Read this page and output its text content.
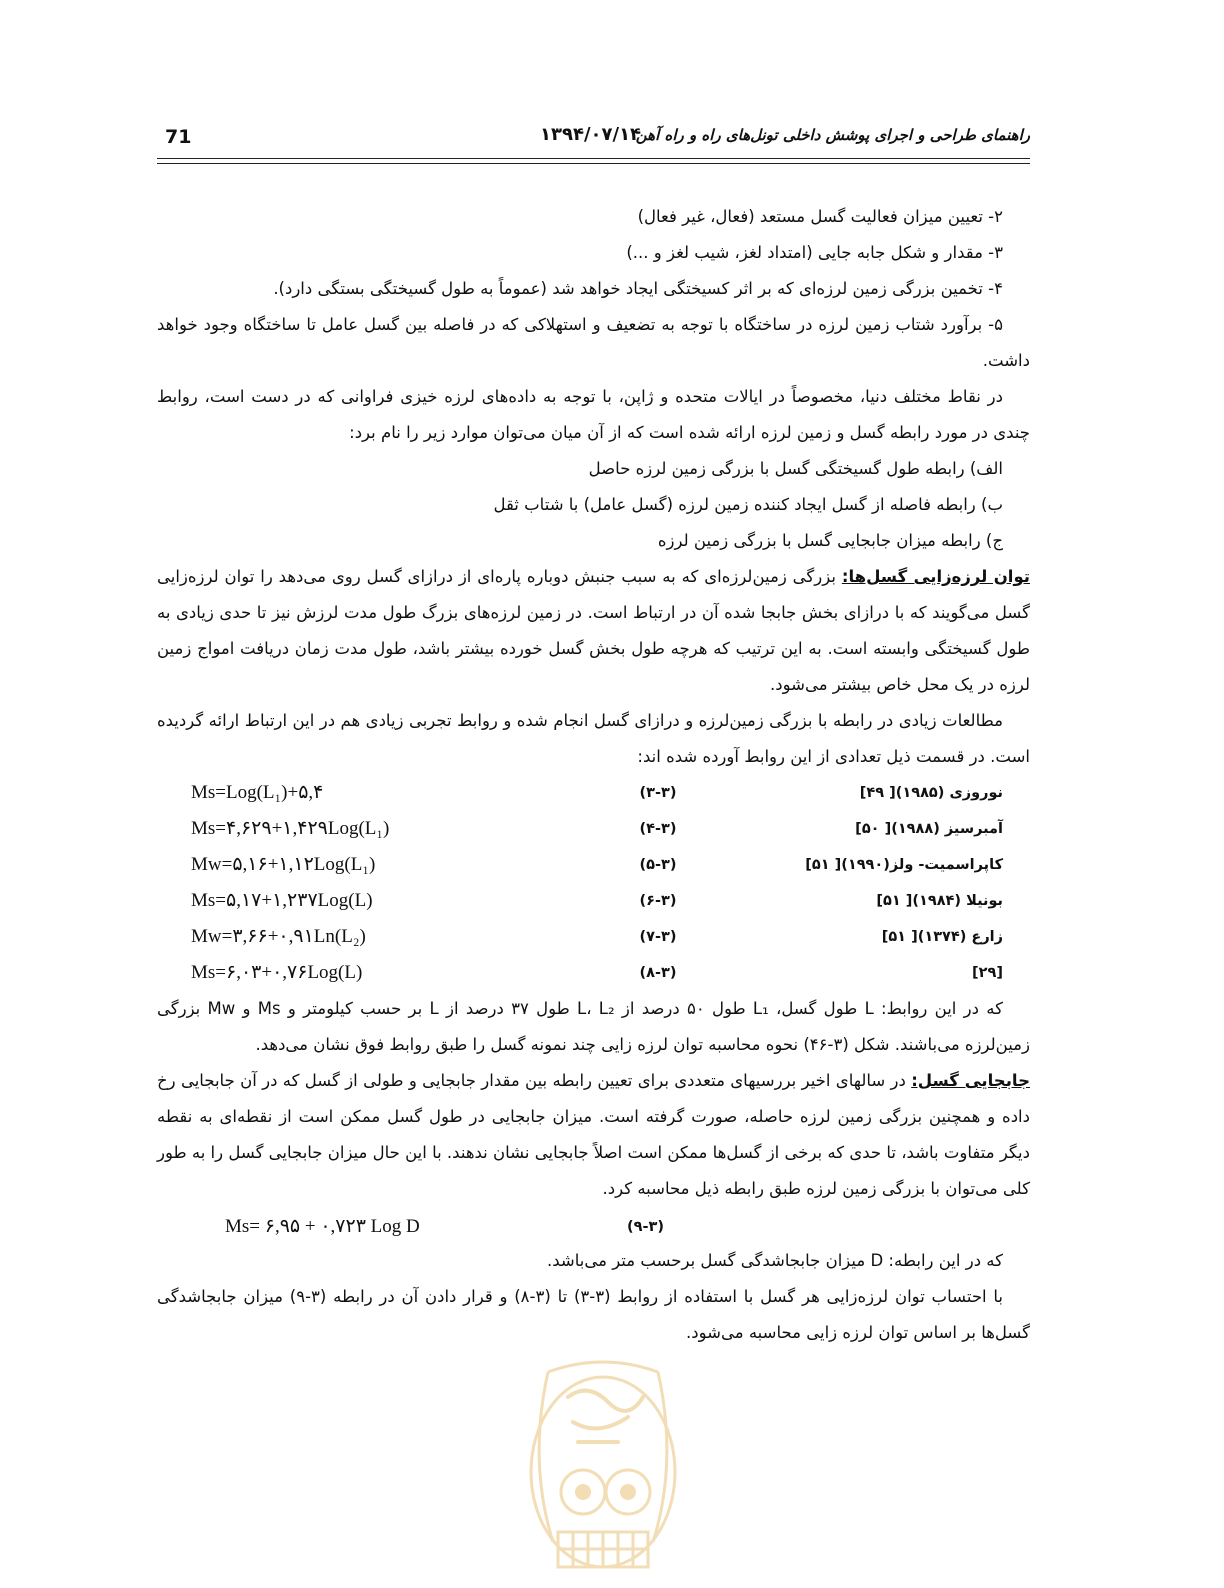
71	۱۳۹۴/۰۷/۱۴
راهنمای طراحی و اجرای پوشش داخلی تونل‌های راه و راه آهن

۲- تعیین میزان فعالیت گسل مستعد (فعال، غیر فعال)

۳- مقدار و شکل جابه جایی (امتداد لغز، شیب لغز و ...)

۴- تخمین بزرگی زمین لرزه‌ای که بر اثر کسیختگی ایجاد خواهد شد (عموماً به طول گسیختگی بستگی دارد).

۵- برآورد شتاب زمین لرزه در ساختگاه با توجه به تضعیف و استهلاکی که در فاصله بین گسل عامل تا ساختگاه وجود خواهد داشت.

در نقاط مختلف دنیا، مخصوصاً در ایالات متحده و ژاپن، با توجه به داده‌های لرزه خیزی فراوانی که در دست است، روابط چندی در مورد رابطه گسل و زمین لرزه ارائه شده است که از آن میان می‌توان موارد زیر را نام برد:

الف) رابطه طول گسیختگی گسل با بزرگی زمین لرزه حاصل

ب) رابطه فاصله از گسل ایجاد کننده زمین لرزه (گسل عامل) با شتاب ثقل

ج) رابطه میزان جابجایی گسل با بزرگی زمین لرزه

توان لرزه‌زایی گسل‌ها: بزرگی زمین‌لرزه‌ای که به سبب جنبش دوباره پاره‌ای از درازای گسل روی می‌دهد را توان لرزه‌زایی گسل می‌گویند که با درازای بخش جابجا شده آن در ارتباط است. در زمین لرزه‌های بزرگ طول مدت لرزش نیز تا حدی زیادی به طول گسیختگی وابسته است. به این ترتیب که هرچه طول بخش گسل خورده بیشتر باشد، طول مدت زمان دریافت امواج زمین لرزه در یک محل خاص بیشتر می‌شود.

مطالعات زیادی در رابطه با بزرگی زمین‌لرزه و درازای گسل انجام شده و روابط تجربی زیادی هم در این ارتباط ارائه گردیده است. در قسمت ذیل تعدادی از این روابط آورده شده اند:

نوروزی (۱۹۸۵)[ ۴۹]	(۳-۳)	Ms=Log(L₁)+۵,۴
آمبرسیز (۱۹۸۸)[ ۵۰]	(۴-۳)	Ms=۴,۶۲۹+۱,۴۲۹Log(L₁)
کاپراسمیت- ولز(۱۹۹۰)[ ۵۱]	(۵-۳)	Mw=۵,۱۶+۱,۱۲Log(L₁)
بونیلا (۱۹۸۴)[ ۵۱]	(۶-۳)	Ms=۵,۱۷+۱,۲۳۷Log(L)
زارع (۱۳۷۴)[ ۵۱]	(۷-۳)	Mw=۳,۶۶+۰,۹۱Ln(L₂)
[۲۹]	(۸-۳)	Ms=۶,۰۳+۰,۷۶Log(L)

که در این روابط: L طول گسل، L₁ طول ۵۰ درصد از L، L₂ طول ۳۷ درصد از L بر حسب کیلومتر و Ms و Mw بزرگی زمین‌لرزه می‌باشند. شکل (۳-۴۶) نحوه محاسبه توان لرزه زایی چند نمونه گسل را طبق روابط فوق نشان می‌دهد.

جابجایی گسل: در سالهای اخیر بررسیهای متعددی برای تعیین رابطه بین مقدار جابجایی و طولی از گسل که در آن جابجایی رخ داده و همچنین بزرگی زمین لرزه حاصله، صورت گرفته است. میزان جابجایی در طول گسل ممکن است از نقطه‌ای به نقطه دیگر متفاوت باشد، تا حدی که برخی از گسل‌ها ممکن است اصلاً جابجایی نشان ندهند. با این حال میزان جابجایی گسل را به طور کلی می‌توان با بزرگی زمین لرزه طبق رابطه ذیل محاسبه کرد.

Ms= ۶,۹۵ + ۰,۷۲۳ Log D	(۹-۳)

که در این رابطه: D میزان جابجاشدگی گسل برحسب متر می‌باشد.

با احتساب توان لرزه‌زایی هر گسل با استفاده از روابط (۳-۳) تا (۳-۸) و قرار دادن آن در رابطه (۳-۹) میزان جابجاشدگی گسل‌ها بر اساس توان لرزه زایی محاسبه می‌شود.
